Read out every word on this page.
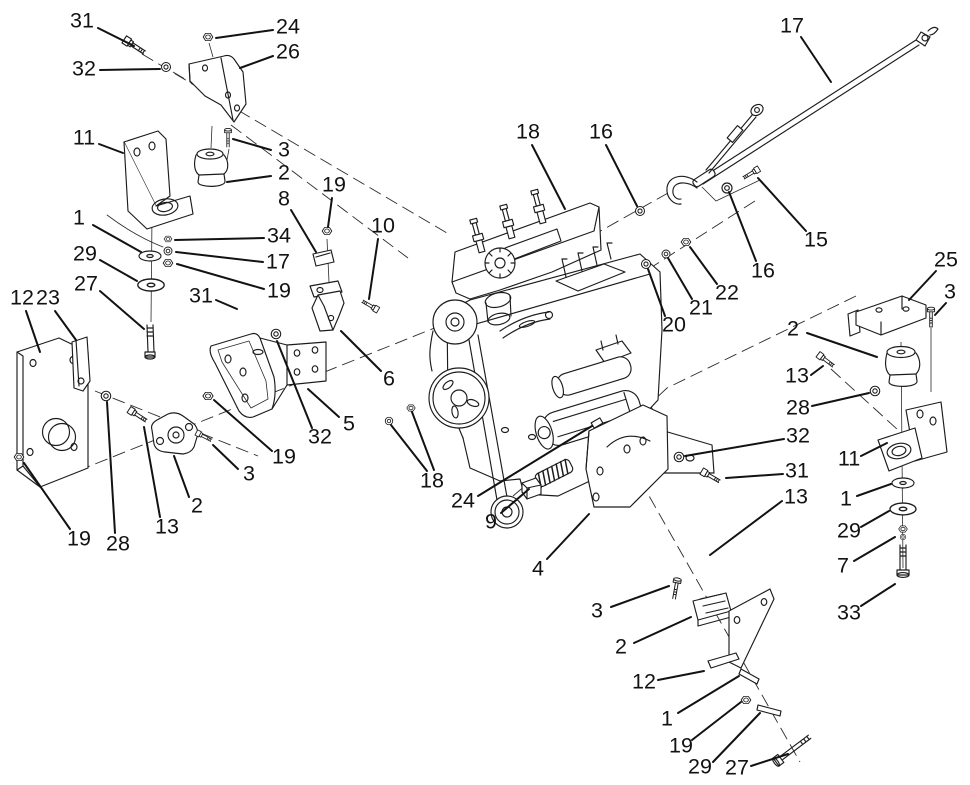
31	24
26
32
11	3
2
8
19
10
1
34
29	17
27	19
12 23	31
18 16
17
15
16
22
21
20
25
3
2
13
28
32
31
13
11
1
29
7
33
6
5
32
19
3
2
13
28
19
18
24
9
4
3
2
12
1
19
29 27
